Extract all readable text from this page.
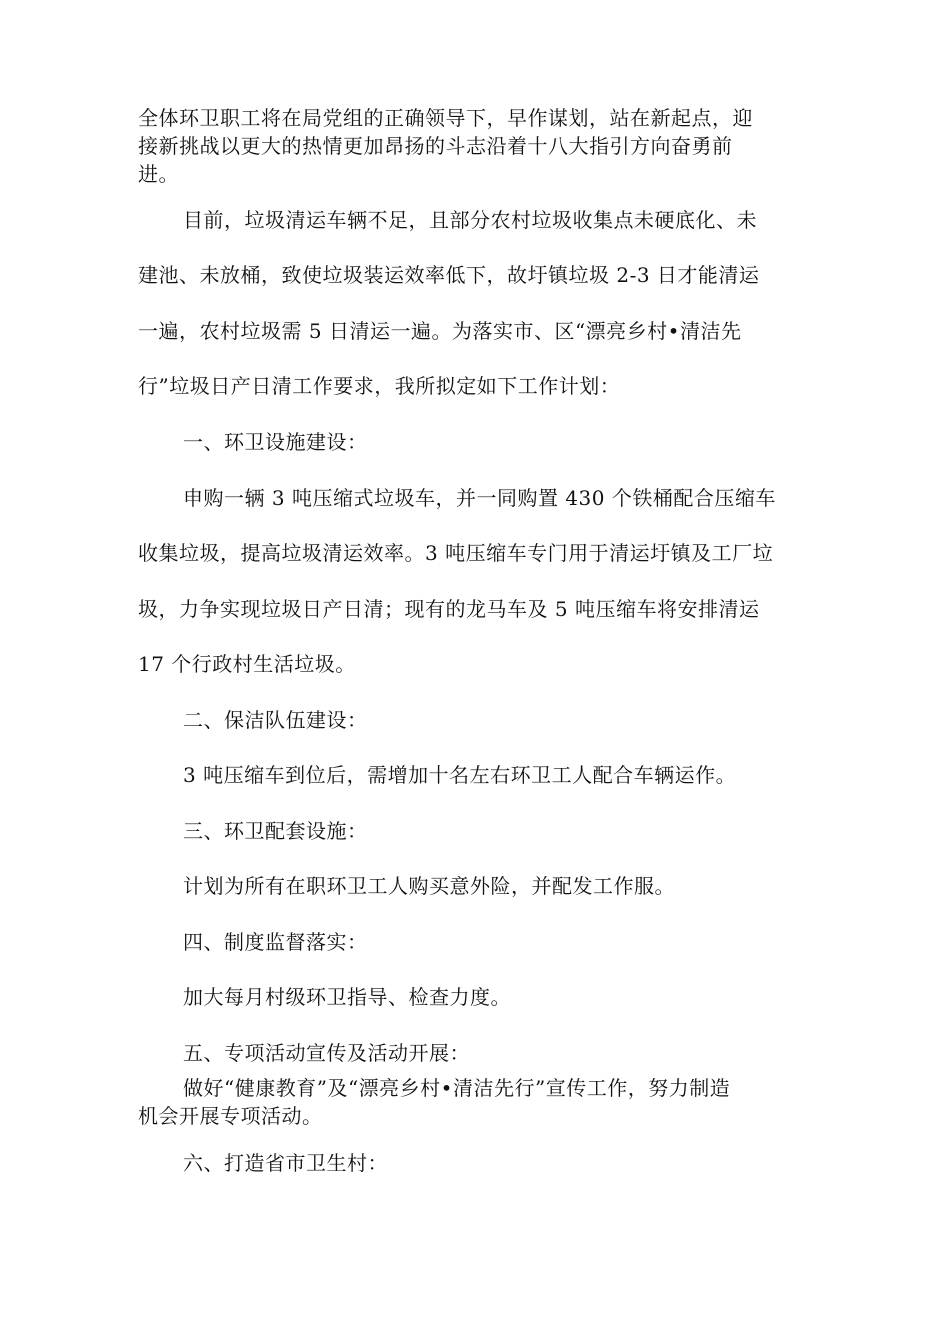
全体环卫职工将在局党组的正确领导下，早作谋划，站在新起点，迎
接新挑战以更大的热情更加昂扬的斗志沿着十八大指引方向奋勇前
进。
目前，垃圾清运车辆不足，且部分农村垃圾收集点未硬底化、未
建池、未放桶，致使垃圾装运效率低下，故圩镇垃圾 2-3 日才能清运
一遍，农村垃圾需 5 日清运一遍。为落实市、区“漂亮乡村•清洁先
行”垃圾日产日清工作要求，我所拟定如下工作计划：
一、环卫设施建设：
申购一辆 3 吨压缩式垃圾车，并一同购置 430 个铁桶配合压缩车
收集垃圾，提高垃圾清运效率。3 吨压缩车专门用于清运圩镇及工厂垃
圾，力争实现垃圾日产日清；现有的龙马车及 5 吨压缩车将安排清运
17 个行政村生活垃圾。
二、保洁队伍建设：
3 吨压缩车到位后，需增加十名左右环卫工人配合车辆运作。
三、环卫配套设施：
计划为所有在职环卫工人购买意外险，并配发工作服。
四、制度监督落实：
加大每月村级环卫指导、检查力度。
五、专项活动宣传及活动开展：
做好“健康教育”及“漂亮乡村•清洁先行”宣传工作，努力制造
机会开展专项活动。
六、打造省市卫生村：
